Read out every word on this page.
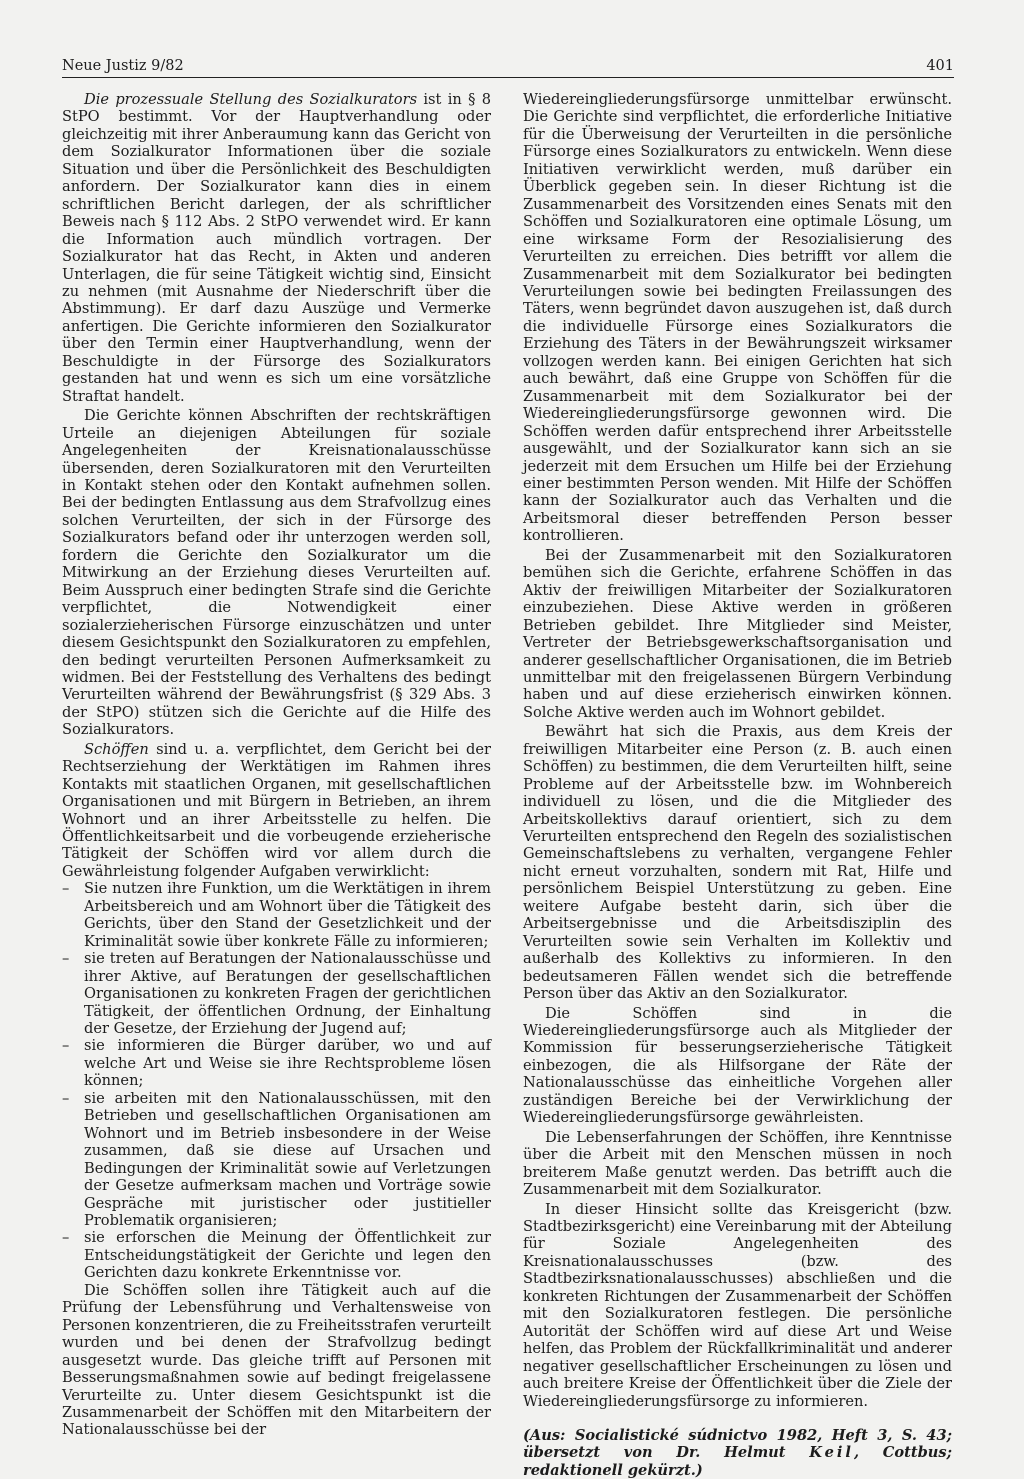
Neue Justiz 9/82	401

Die prozessuale Stellung des Sozialkurators ist in § 8 StPO bestimmt. Vor der Hauptverhandlung oder gleichzeitig mit ihrer Anberaumung kann das Gericht von dem Sozialkurator Informationen über die soziale Situation und über die Persönlichkeit des Beschuldigten anfordern. Der Sozialkurator kann dies in einem schriftlichen Bericht darlegen, der als schriftlicher Beweis nach § 112 Abs. 2 StPO verwendet wird. Er kann die Information auch mündlich vortragen. Der Sozialkurator hat das Recht, in Akten und anderen Unterlagen, die für seine Tätigkeit wichtig sind, Einsicht zu nehmen (mit Ausnahme der Niederschrift über die Abstimmung). Er darf dazu Auszüge und Vermerke anfertigen. Die Gerichte informieren den Sozialkurator über den Termin einer Hauptverhandlung, wenn der Beschuldigte in der Fürsorge des Sozialkurators gestanden hat und wenn es sich um eine vorsätzliche Straftat handelt.

Die Gerichte können Abschriften der rechtskräftigen Urteile an diejenigen Abteilungen für soziale Angelegenheiten der Kreisnationalausschüsse übersenden, deren Sozialkuratoren mit den Verurteilten in Kontakt stehen oder den Kontakt aufnehmen sollen. Bei der bedingten Entlassung aus dem Strafvollzug eines solchen Verurteilten, der sich in der Fürsorge des Sozialkurators befand oder ihr unterzogen werden soll, fordern die Gerichte den Sozialkurator um die Mitwirkung an der Erziehung dieses Verurteilten auf. Beim Ausspruch einer bedingten Strafe sind die Gerichte verpflichtet, die Notwendigkeit einer sozialerzieherischen Fürsorge einzuschätzen und unter diesem Gesichtspunkt den Sozialkuratoren zu empfehlen, den bedingt verurteilten Personen Aufmerksamkeit zu widmen. Bei der Feststellung des Verhaltens des bedingt Verurteilten während der Bewährungsfrist (§ 329 Abs. 3 der StPO) stützen sich die Gerichte auf die Hilfe des Sozialkurators.

Schöffen sind u. a. verpflichtet, dem Gericht bei der Rechtserziehung der Werktätigen im Rahmen ihres Kontakts mit staatlichen Organen, mit gesellschaftlichen Organisationen und mit Bürgern in Betrieben, an ihrem Wohnort und an ihrer Arbeitsstelle zu helfen. Die Öffentlichkeitsarbeit und die vorbeugende erzieherische Tätigkeit der Schöffen wird vor allem durch die Gewährleistung folgender Aufgaben verwirklicht:

– Sie nutzen ihre Funktion, um die Werktätigen in ihrem Arbeitsbereich und am Wohnort über die Tätigkeit des Gerichts, über den Stand der Gesetzlichkeit und der Kriminalität sowie über konkrete Fälle zu informieren;
– sie treten auf Beratungen der Nationalausschüsse und ihrer Aktive, auf Beratungen der gesellschaftlichen Organisationen zu konkreten Fragen der gerichtlichen Tätigkeit, der öffentlichen Ordnung, der Einhaltung der Gesetze, der Erziehung der Jugend auf;
– sie informieren die Bürger darüber, wo und auf welche Art und Weise sie ihre Rechtsprobleme lösen können;
– sie arbeiten mit den Nationalausschüssen, mit den Betrieben und gesellschaftlichen Organisationen am Wohnort und im Betrieb insbesondere in der Weise zusammen, daß sie diese auf Ursachen und Bedingungen der Kriminalität sowie auf Verletzungen der Gesetze aufmerksam machen und Vorträge sowie Gespräche mit juristischer oder justitieller Problematik organisieren;
– sie erforschen die Meinung der Öffentlichkeit zur Entscheidungstätigkeit der Gerichte und legen den Gerichten dazu konkrete Erkenntnisse vor.

Die Schöffen sollen ihre Tätigkeit auch auf die Prüfung der Lebensführung und Verhaltensweise von Personen konzentrieren, die zu Freiheitsstrafen verurteilt wurden und bei denen der Strafvollzug bedingt ausgesetzt wurde. Das gleiche trifft auf Personen mit Besserungsmaßnahmen sowie auf bedingt freigelassene Verurteilte zu. Unter diesem Gesichtspunkt ist die Zusammenarbeit der Schöffen mit den Mitarbeitern der Nationalausschüsse bei der

Wiedereingliederungsfürsorge unmittelbar erwünscht. Die Gerichte sind verpflichtet, die erforderliche Initiative für die Überweisung der Verurteilten in die persönliche Fürsorge eines Sozialkurators zu entwickeln. Wenn diese Initiativen verwirklicht werden, muß darüber ein Überblick gegeben sein. In dieser Richtung ist die Zusammenarbeit des Vorsitzenden eines Senats mit den Schöffen und Sozialkuratoren eine optimale Lösung, um eine wirksame Form der Resozialisierung des Verurteilten zu erreichen. Dies betrifft vor allem die Zusammenarbeit mit dem Sozialkurator bei bedingten Verurteilungen sowie bei bedingten Freilassungen des Täters, wenn begründet davon auszugehen ist, daß durch die individuelle Fürsorge eines Sozialkurators die Erziehung des Täters in der Bewährungszeit wirksamer vollzogen werden kann. Bei einigen Gerichten hat sich auch bewährt, daß eine Gruppe von Schöffen für die Zusammenarbeit mit dem Sozialkurator bei der Wiedereingliederungsfürsorge gewonnen wird. Die Schöffen werden dafür entsprechend ihrer Arbeitsstelle ausgewählt, und der Sozialkurator kann sich an sie jederzeit mit dem Ersuchen um Hilfe bei der Erziehung einer bestimmten Person wenden. Mit Hilfe der Schöffen kann der Sozialkurator auch das Verhalten und die Arbeitsmoral dieser betreffenden Person besser kontrollieren.

Bei der Zusammenarbeit mit den Sozialkuratoren bemühen sich die Gerichte, erfahrene Schöffen in das Aktiv der freiwilligen Mitarbeiter der Sozialkuratoren einzubeziehen. Diese Aktive werden in größeren Betrieben gebildet. Ihre Mitglieder sind Meister, Vertreter der Betriebsgewerkschaftsorganisation und anderer gesellschaftlicher Organisationen, die im Betrieb unmittelbar mit den freigelassenen Bürgern Verbindung haben und auf diese erzieherisch einwirken können. Solche Aktive werden auch im Wohnort gebildet.

Bewährt hat sich die Praxis, aus dem Kreis der freiwilligen Mitarbeiter eine Person (z. B. auch einen Schöffen) zu bestimmen, die dem Verurteilten hilft, seine Probleme auf der Arbeitsstelle bzw. im Wohnbereich individuell zu lösen, und die die Mitglieder des Arbeitskollektivs darauf orientiert, sich zu dem Verurteilten entsprechend den Regeln des sozialistischen Gemeinschaftslebens zu verhalten, vergangene Fehler nicht erneut vorzuhalten, sondern mit Rat, Hilfe und persönlichem Beispiel Unterstützung zu geben. Eine weitere Aufgabe besteht darin, sich über die Arbeitsergebnisse und die Arbeitsdisziplin des Verurteilten sowie sein Verhalten im Kollektiv und außerhalb des Kollektivs zu informieren. In den bedeutsameren Fällen wendet sich die betreffende Person über das Aktiv an den Sozialkurator.

Die Schöffen sind in die Wiedereingliederungsfürsorge auch als Mitglieder der Kommission für besserungserzieherische Tätigkeit einbezogen, die als Hilfsorgane der Räte der Nationalausschüsse das einheitliche Vorgehen aller zuständigen Bereiche bei der Verwirklichung der Wiedereingliederungsfürsorge gewährleisten.

Die Lebenserfahrungen der Schöffen, ihre Kenntnisse über die Arbeit mit den Menschen müssen in noch breiterem Maße genutzt werden. Das betrifft auch die Zusammenarbeit mit dem Sozialkurator.

In dieser Hinsicht sollte das Kreisgericht (bzw. Stadtbezirksgericht) eine Vereinbarung mit der Abteilung für Soziale Angelegenheiten des Kreisnationalausschusses (bzw. des Stadtbezirksnationalausschusses) abschließen und die konkreten Richtungen der Zusammenarbeit der Schöffen mit den Sozialkuratoren festlegen. Die persönliche Autorität der Schöffen wird auf diese Art und Weise helfen, das Problem der Rückfallkriminalität und anderer negativer gesellschaftlicher Erscheinungen zu lösen und auch breitere Kreise der Öffentlichkeit über die Ziele der Wiedereingliederungsfürsorge zu informieren.

(Aus: Socialistické súdnictvo 1982, Heft 3, S. 43; übersetzt von Dr. Helmut Keil, Cottbus; redaktionell gekürzt.)
